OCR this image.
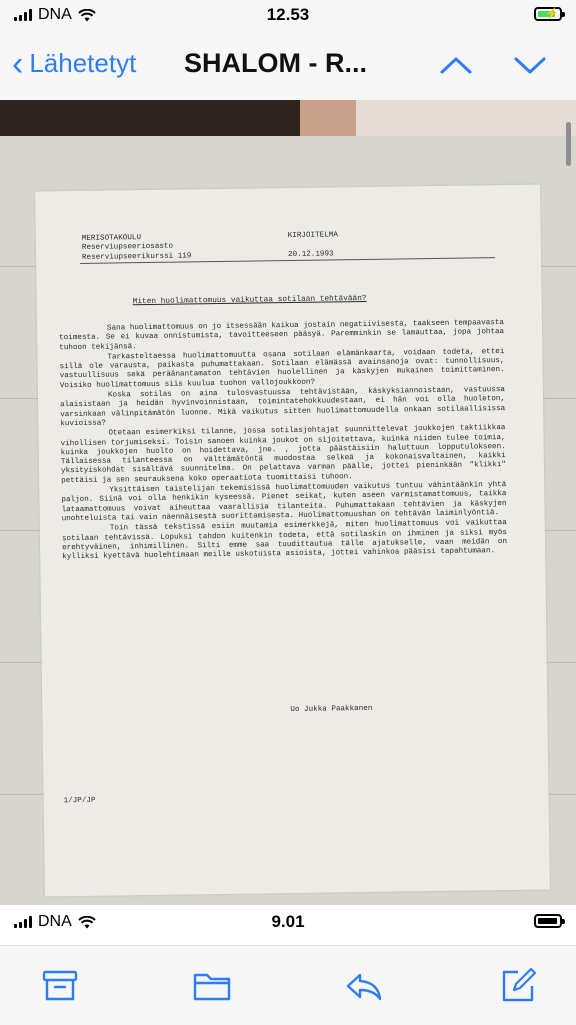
DNA	12.53	⚡
‹ Lähetetyt SHALOM - R...
MERISOTAKOULU
Reserviupseeriosasto
Reserviupseerikurssi 119
KIRJOITELMA

20.12.1993
Miten huolimattomuus vaikuttaa sotilaan tehtävään?

Sana huolimattomuus on jo itsessään kaikua jostain negatiivisesta, taakseen tempaavasta toimesta. Se ei kuvaa onnistumista, tavoitteeseen pääsyä. Paremminkin se lamauttaa, jopa johtaa tuhoon tekijänsä.

Tarkasteltaessa huolimattomuutta osana sotilaan elämänkaarta, voidaan todeta, ettei sillä ole varausta, paikasta puhumattakaan. Sotilaan elämässä avainsanoja ovat: tunnollisuus, vastuullisuus sekä peräänantamaton tehtävien huolellinen ja käskyjen mukainen toimittaminen. Voisiko huolimattomuus siis kuulua tuohon vallojoukkoon?

Koska sotilas on aina tulosvastuussa tehtävistään, käskyksiannoistaan, vastuussa alaisistaan ja heidän hyvinvoinnistaan, toimintatehokkuudestaan, ei hän voi olla huoleton, varsinkaan välinpitämätön luonne. Mikä vaikutus sitten huolimattomuudella onkaan sotilaallisissa kuvioissa?

Otetaan esimerkiksi tilanne, jossa sotilasjohtajat suunnittelevat joukkojen taktiikkaa vihollisen torjumiseksi. Toisin sanoen kuinka joukot on sijoitettava, kuinka niiden tulee toimia, kuinka joukkojen huolto on hoidettava, jne. , jotta päästäisiin haluttuun lopputulokseen. Tällaisessa tilanteessa on välttämätöntä muodostaa selkeä ja kokonaisvaltainen, kaikki yksityiskohdat sisältävä suunnitelma. On pelattava varman päälle, jottei pieninkään "klikki" pettäisi ja sen seurauksena koko operaatiota tuomittaisi tuhoon.

Yksittäisen taistelijan tekemisissä huolimattomuuden vaikutus tuntuu vähintäänkin yhtä paljon. Siinä voi olla henkikin kyseessä. Pienet seikat, kuten aseen varmistamattomuus, taikka lataamattomuus voivat aiheuttaa vaarallisia tilanteita. Puhumattakaan tehtävien ja käskyjen unohteluista tai vain näennäisestä suorittamisesta. Huolimattomuushan on tehtävän laiminlyöntiä.

Toin tässä tekstissä esiin muutamia esimerkkejä, miten huolimattomuus voi vaikuttaa sotilaan tehtävissä. Lopuksi tahdon kuitenkin todeta, että sotilaskin on ihminen ja siksi myös erehtyväinen, inhimillinen. Silti emme saa tuudittautua tälle ajatukselle, vaan meidän on kylliksi kyettävä huolehtimaan meille uskotuista asioista, jottei vahinkoa pääsisi tapahtumaan.

Uo Jukka Paakkanen
1/JP/JP
DNA	9.01
